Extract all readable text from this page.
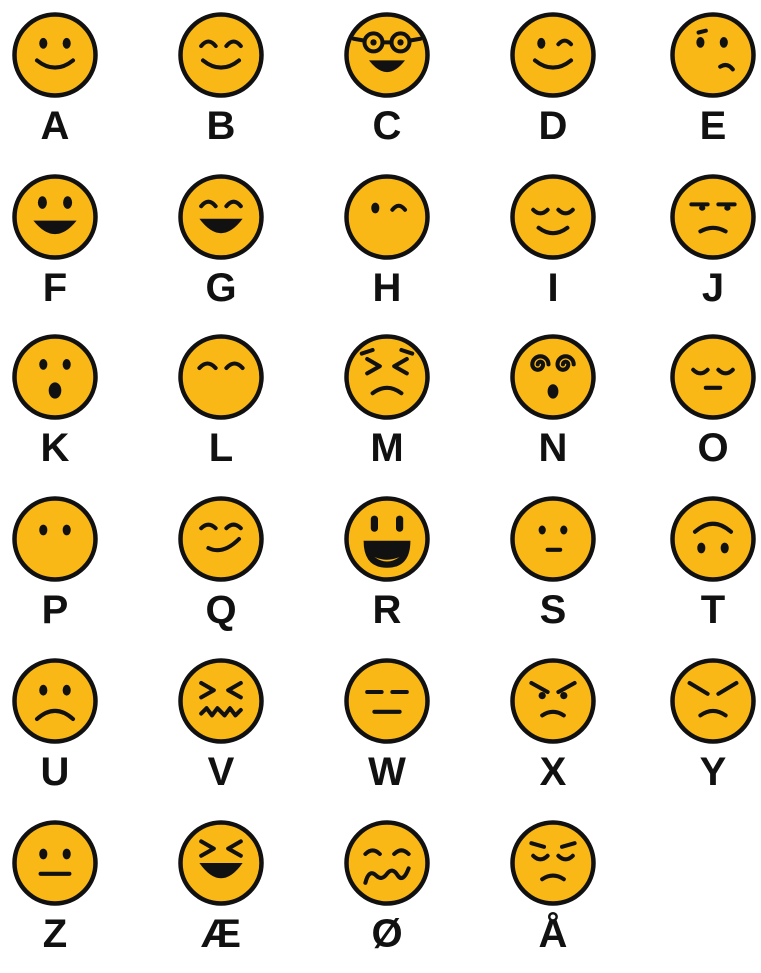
A	B	C	D	E
F	G	H	I	J
K	L	M	N	O
P	Q	R	S	T
U	V	W	X	Y
Z	Æ	Ø	Å
